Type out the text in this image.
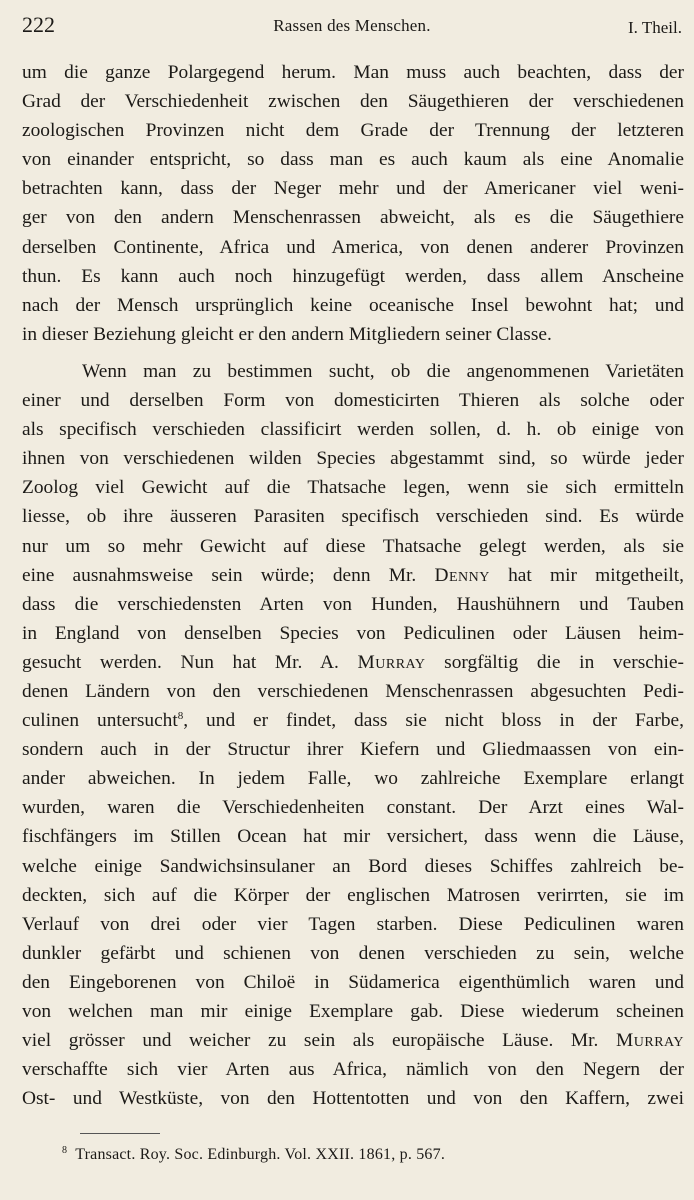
222	Rassen des Menschen.	I. Theil.
um die ganze Polargegend herum. Man muss auch beachten, dass der
Grad der Verschiedenheit zwischen den Säugethieren der verschiedenen
zoologischen Provinzen nicht dem Grade der Trennung der letzteren
von einander entspricht, so dass man es auch kaum als eine Anomalie
betrachten kann, dass der Neger mehr und der Americaner viel weni-
ger von den andern Menschenrassen abweicht, als es die Säugethiere
derselben Continente, Africa und America, von denen anderer Provinzen
thun. Es kann auch noch hinzugefügt werden, dass allem Anscheine
nach der Mensch ursprünglich keine oceanische Insel bewohnt hat; und
in dieser Beziehung gleicht er den andern Mitgliedern seiner Classe.
Wenn man zu bestimmen sucht, ob die angenommenen Varietäten
einer und derselben Form von domesticirten Thieren als solche oder
als specifisch verschieden classificirt werden sollen, d. h. ob einige von
ihnen von verschiedenen wilden Species abgestammt sind, so würde jeder
Zoolog viel Gewicht auf die Thatsache legen, wenn sie sich ermitteln
liesse, ob ihre äusseren Parasiten specifisch verschieden sind. Es würde
nur um so mehr Gewicht auf diese Thatsache gelegt werden, als sie
eine ausnahmsweise sein würde; denn Mr. Denny hat mir mitgetheilt,
dass die verschiedensten Arten von Hunden, Haushühnern und Tauben
in England von denselben Species von Pediculinen oder Läusen heim-
gesucht werden. Nun hat Mr. A. Murray sorgfältig die in verschie-
denen Ländern von den verschiedenen Menschenrassen abgesuchten Pedi-
culinen untersucht$^8$, und er findet, dass sie nicht bloss in der Farbe,
sondern auch in der Structur ihrer Kiefern und Gliedmaassen von ein-
ander abweichen. In jedem Falle, wo zahlreiche Exemplare erlangt
wurden, waren die Verschiedenheiten constant. Der Arzt eines Wal-
fischfängers im Stillen Ocean hat mir versichert, dass wenn die Läuse,
welche einige Sandwichsinsulaner an Bord dieses Schiffes zahlreich be-
deckten, sich auf die Körper der englischen Matrosen verirrten, sie im
Verlauf von drei oder vier Tagen starben. Diese Pediculinen waren
dunkler gefärbt und schienen von denen verschieden zu sein, welche
den Eingeborenen von Chiloë in Südamerica eigenthümlich waren und
von welchen man mir einige Exemplare gab. Diese wiederum scheinen
viel grösser und weicher zu sein als europäische Läuse. Mr. Murray
verschaffte sich vier Arten aus Africa, nämlich von den Negern der
Ost- und Westküste, von den Hottentotten und von den Kaffern, zwei
$^8$ Transact. Roy. Soc. Edinburgh. Vol. XXII. 1861, p. 567.
